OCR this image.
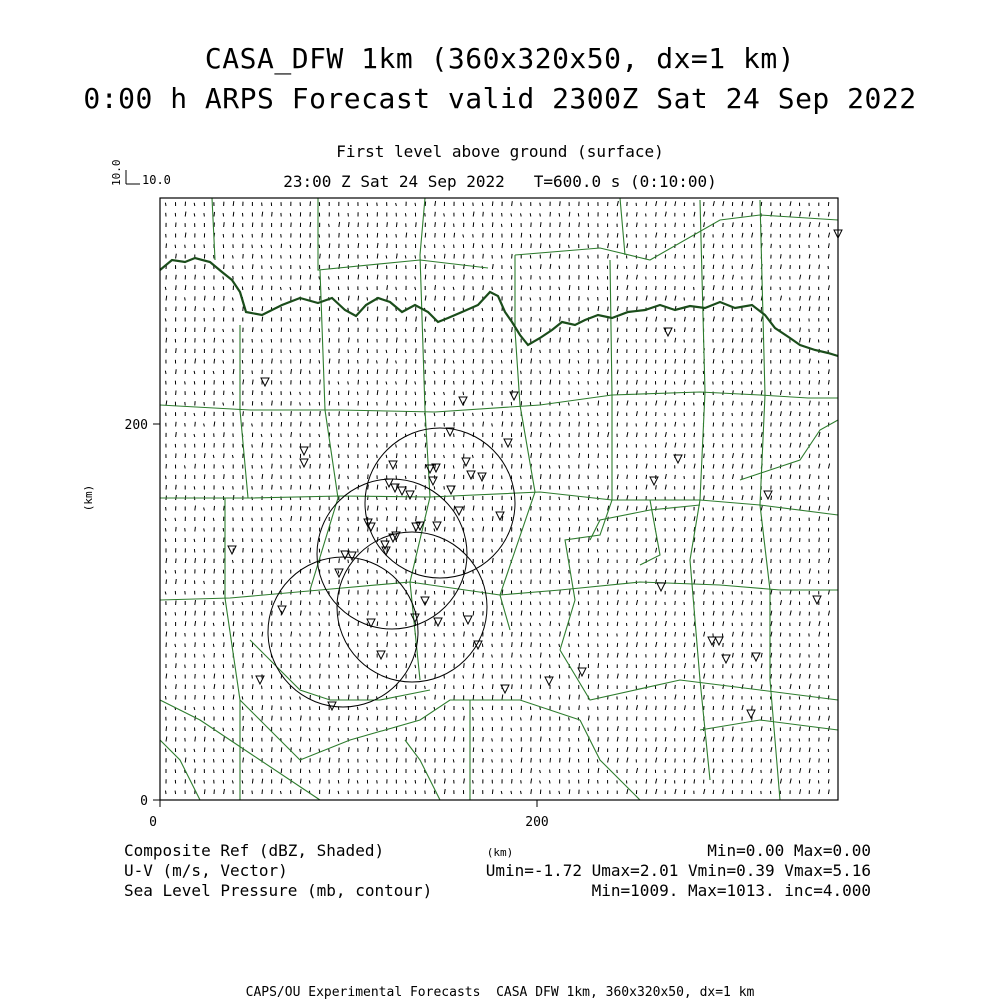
CASA_DFW 1km (360x320x50, dx=1 km)
0:00 h ARPS Forecast valid 2300Z Sat 24 Sep 2022
First level above ground (surface)
23:00 Z Sat 24 Sep 2022   T=600.0 s (0:10:00)
10.0 10.0
0	200
0
200
(km)
(km)
Composite Ref (dBZ, Shaded)	Min=0.00 Max=0.00
U-V (m/s, Vector)	Umin=-1.72 Umax=2.01 Vmin=0.39 Vmax=5.16
Sea Level Pressure (mb, contour)	Min=1009. Max=1013. inc=4.000
CAPS/OU Experimental Forecasts  CASA DFW 1km, 360x320x50, dx=1 km
